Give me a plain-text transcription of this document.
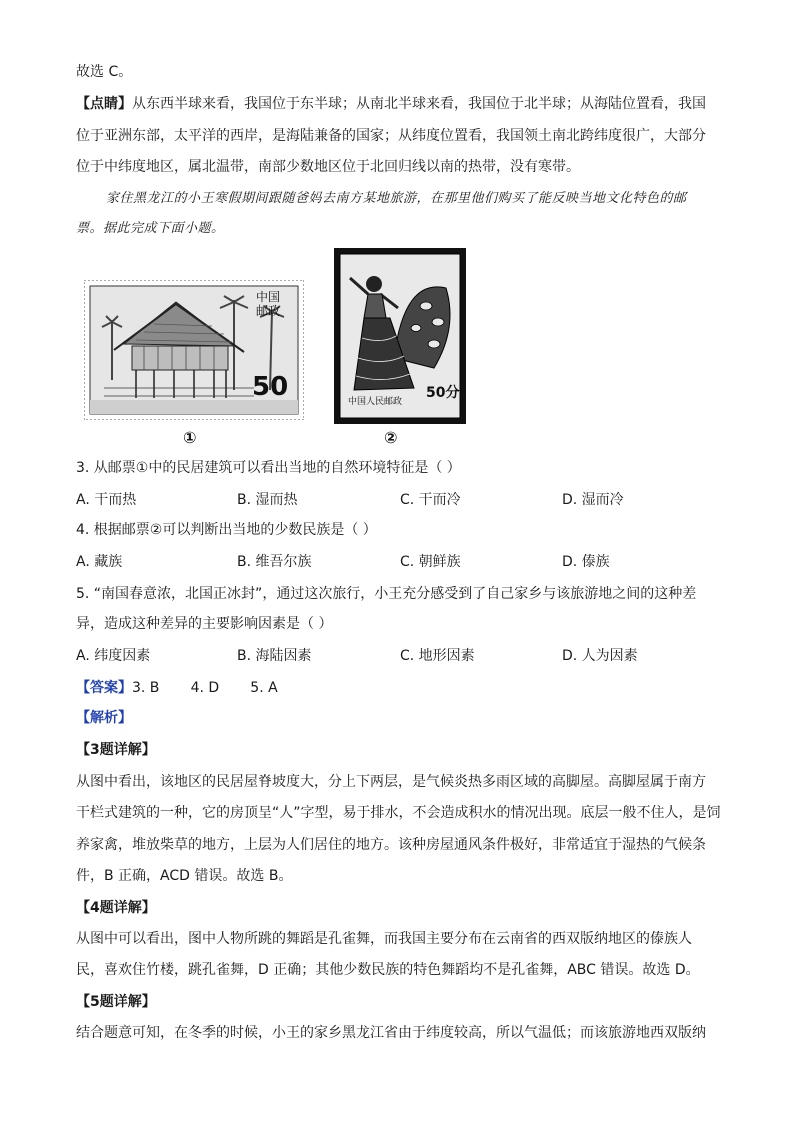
故选 C。
【点睛】从东西半球来看，我国位于东半球；从南北半球来看，我国位于北半球；从海陆位置看，我国
位于亚洲东部，太平洋的西岸，是海陆兼备的国家；从纬度位置看，我国领土南北跨纬度很广，大部分
位于中纬度地区，属北温带，南部少数地区位于北回归线以南的热带，没有寒带。
家住黑龙江的小王寒假期间跟随爸妈去南方某地旅游，在那里他们购买了能反映当地文化特色的邮
票。据此完成下面小题。
中国邮政
50
①
中国人民邮政
50分
②
3. 从邮票①中的民居建筑可以看出当地的自然环境特征是（ ）
A. 干而热	B. 湿而热	C. 干而冷	D. 湿而冷
4. 根据邮票②可以判断出当地的少数民族是（ ）
A. 藏族	B. 维吾尔族	C. 朝鲜族	D. 傣族
5. “南国春意浓，北国正冰封”，通过这次旅行，小王充分感受到了自己家乡与该旅游地之间的这种差
异，造成这种差异的主要影响因素是（ ）
A. 纬度因素	B. 海陆因素	C. 地形因素	D. 人为因素
【答案】3. B       4. D       5. A
【解析】
【3题详解】
从图中看出，该地区的民居屋脊坡度大，分上下两层，是气候炎热多雨区域的高脚屋。高脚屋属于南方
干栏式建筑的一种，它的房顶呈“人”字型，易于排水，不会造成积水的情况出现。底层一般不住人，是饲
养家禽，堆放柴草的地方，上层为人们居住的地方。该种房屋通风条件极好，非常适宜于湿热的气候条
件，B 正确，ACD 错误。故选 B。
【4题详解】
从图中可以看出，图中人物所跳的舞蹈是孔雀舞，而我国主要分布在云南省的西双版纳地区的傣族人
民，喜欢住竹楼，跳孔雀舞，D 正确；其他少数民族的特色舞蹈均不是孔雀舞，ABC 错误。故选 D。
【5题详解】
结合题意可知，在冬季的时候，小王的家乡黑龙江省由于纬度较高，所以气温低；而该旅游地西双版纳
